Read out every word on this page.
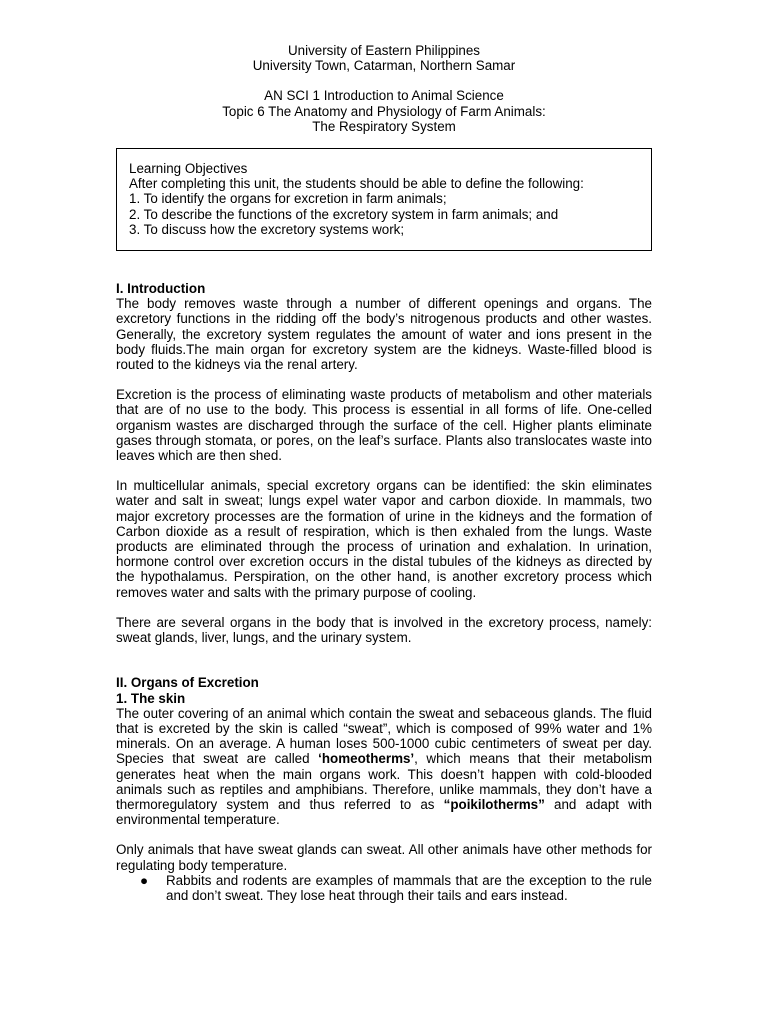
University of Eastern Philippines
University Town, Catarman, Northern Samar
AN SCI 1 Introduction to Animal Science
Topic 6 The Anatomy and Physiology of Farm Animals:
The Respiratory System
Learning Objectives
After completing this unit, the students should be able to define the following:
1. To identify the organs for excretion in farm animals;
2. To describe the functions of the excretory system in farm animals; and
3. To discuss how the excretory systems work;
I. Introduction

The body removes waste through a number of different openings and organs. The excretory functions in the ridding off the body’s nitrogenous products and other wastes. Generally, the excretory system regulates the amount of water and ions present in the body fluids.The main organ for excretory system are the kidneys. Waste-filled blood is routed to the kidneys via the renal artery.

Excretion is the process of eliminating waste products of metabolism and other materials that are of no use to the body. This process is essential in all forms of life. One-celled organism wastes are discharged through the surface of the cell. Higher plants eliminate gases through stomata, or pores, on the leaf’s surface. Plants also translocates waste into leaves which are then shed.

In multicellular animals, special excretory organs can be identified: the skin eliminates water and salt in sweat; lungs expel water vapor and carbon dioxide. In mammals, two major excretory processes are the formation of urine in the kidneys and the formation of Carbon dioxide as a result of respiration, which is then exhaled from the lungs. Waste products are eliminated through the process of urination and exhalation. In urination, hormone control over excretion occurs in the distal tubules of the kidneys as directed by the hypothalamus. Perspiration, on the other hand, is another excretory process which removes water and salts with the primary purpose of cooling.

There are several organs in the body that is involved in the excretory process, namely: sweat glands, liver, lungs, and the urinary system.

II. Organs of Excretion
1. The skin

The outer covering of an animal which contain the sweat and sebaceous glands. The fluid that is excreted by the skin is called “sweat”, which is composed of 99% water and 1% minerals. On an average. A human loses 500-1000 cubic centimeters of sweat per day. Species that sweat are called ‘homeotherms’, which means that their metabolism generates heat when the main organs work. This doesn’t happen with cold-blooded animals such as reptiles and amphibians. Therefore, unlike mammals, they don’t have a thermoregulatory system and thus referred to as “poikilotherms” and adapt with environmental temperature.

Only animals that have sweat glands can sweat. All other animals have other methods for regulating body temperature.

● Rabbits and rodents are examples of mammals that are the exception to the rule and don’t sweat. They lose heat through their tails and ears instead.
